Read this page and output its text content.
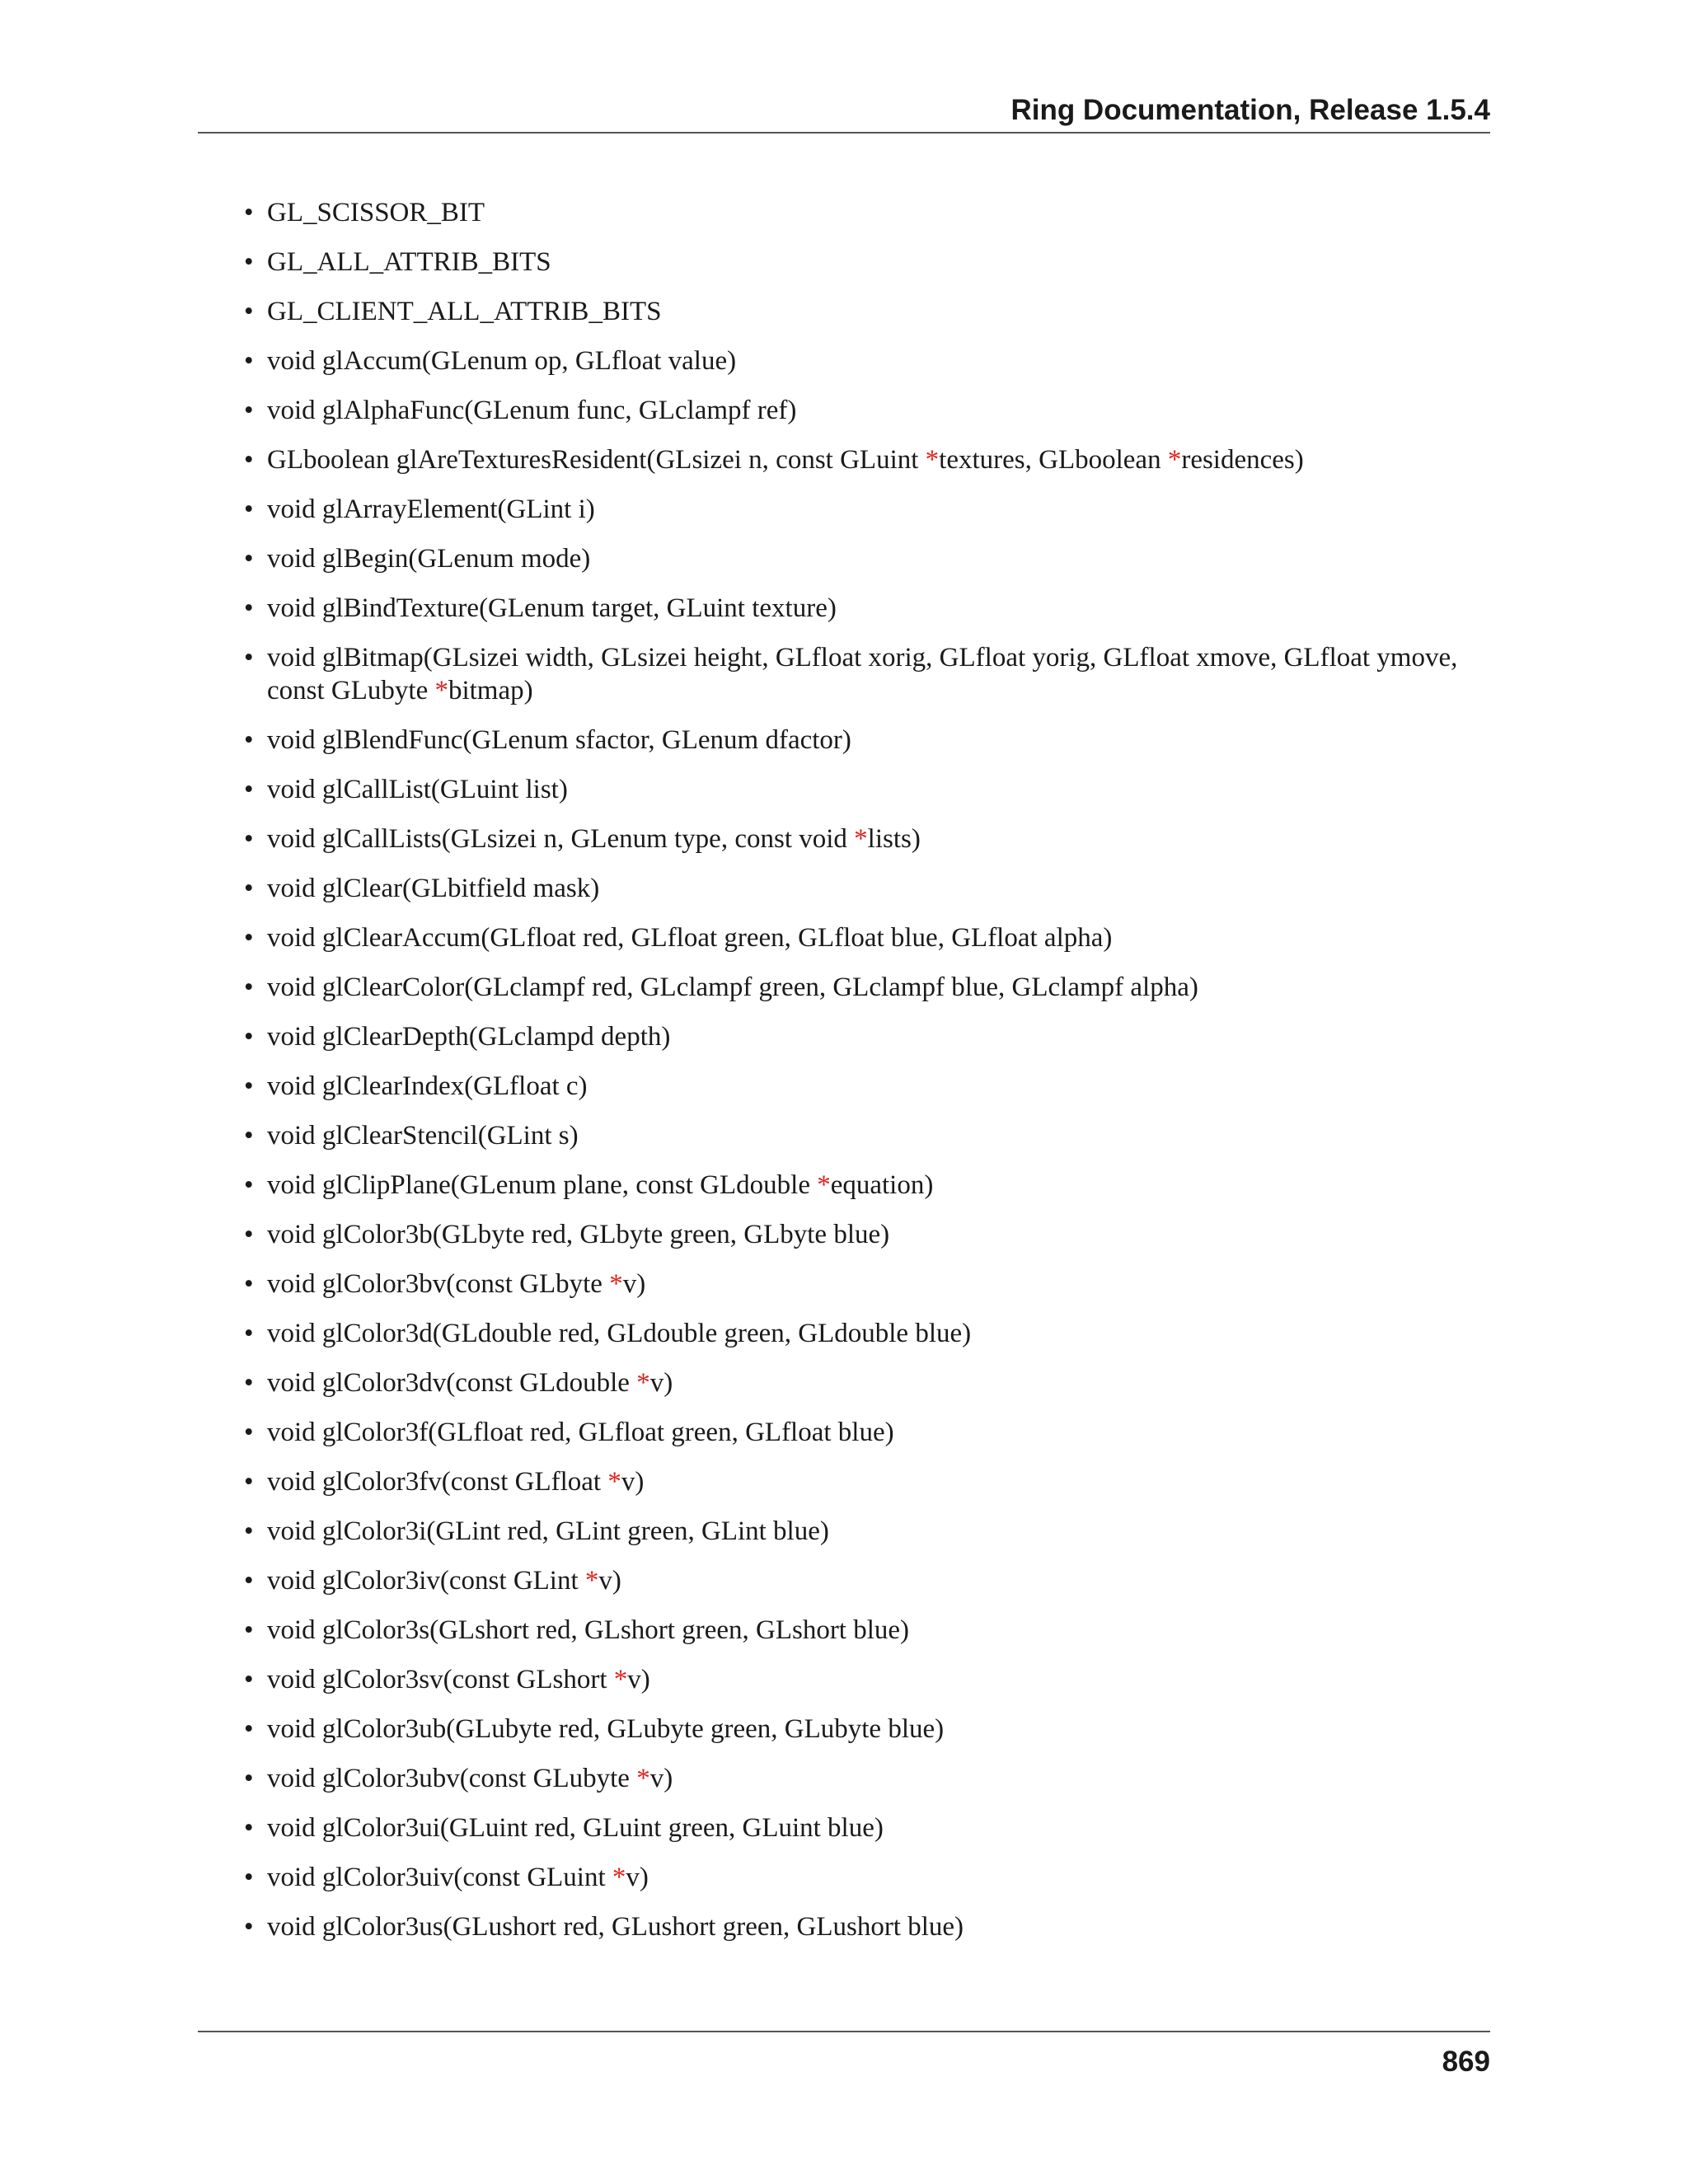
Ring Documentation, Release 1.5.4
• GL_SCISSOR_BIT
• GL_ALL_ATTRIB_BITS
• GL_CLIENT_ALL_ATTRIB_BITS
• void glAccum(GLenum op, GLfloat value)
• void glAlphaFunc(GLenum func, GLclampf ref)
• GLboolean glAreTexturesResident(GLsizei n, const GLuint *textures, GLboolean *residences)
• void glArrayElement(GLint i)
• void glBegin(GLenum mode)
• void glBindTexture(GLenum target, GLuint texture)
• void glBitmap(GLsizei width, GLsizei height, GLfloat xorig, GLfloat yorig, GLfloat xmove, GLfloat ymove, const GLubyte *bitmap)
• void glBlendFunc(GLenum sfactor, GLenum dfactor)
• void glCallList(GLuint list)
• void glCallLists(GLsizei n, GLenum type, const void *lists)
• void glClear(GLbitfield mask)
• void glClearAccum(GLfloat red, GLfloat green, GLfloat blue, GLfloat alpha)
• void glClearColor(GLclampf red, GLclampf green, GLclampf blue, GLclampf alpha)
• void glClearDepth(GLclampd depth)
• void glClearIndex(GLfloat c)
• void glClearStencil(GLint s)
• void glClipPlane(GLenum plane, const GLdouble *equation)
• void glColor3b(GLbyte red, GLbyte green, GLbyte blue)
• void glColor3bv(const GLbyte *v)
• void glColor3d(GLdouble red, GLdouble green, GLdouble blue)
• void glColor3dv(const GLdouble *v)
• void glColor3f(GLfloat red, GLfloat green, GLfloat blue)
• void glColor3fv(const GLfloat *v)
• void glColor3i(GLint red, GLint green, GLint blue)
• void glColor3iv(const GLint *v)
• void glColor3s(GLshort red, GLshort green, GLshort blue)
• void glColor3sv(const GLshort *v)
• void glColor3ub(GLubyte red, GLubyte green, GLubyte blue)
• void glColor3ubv(const GLubyte *v)
• void glColor3ui(GLuint red, GLuint green, GLuint blue)
• void glColor3uiv(const GLuint *v)
• void glColor3us(GLushort red, GLushort green, GLushort blue)
869
